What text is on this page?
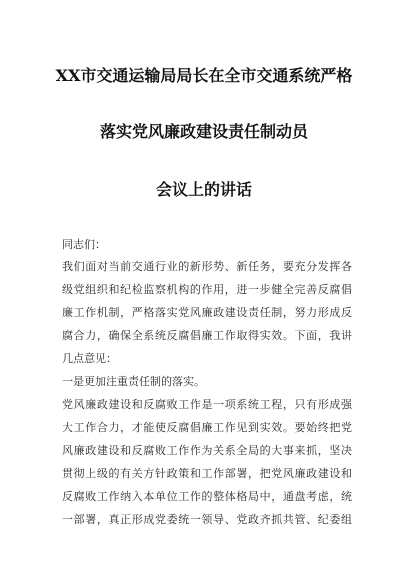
XX市交通运输局局长在全市交通系统严格
落实党风廉政建设责任制动员
会议上的讲话
同志们：
我们面对当前交通行业的新形势、新任务，要充分发挥各
级党组织和纪检监察机构的作用，进一步健全完善反腐倡
廉工作机制，严格落实党风廉政建设责任制，努力形成反
腐合力，确保全系统反腐倡廉工作取得实效。下面，我讲
几点意见：
一是更加注重责任制的落实。
党风廉政建设和反腐败工作是一项系统工程，只有形成强
大工作合力，才能使反腐倡廉工作见到实效。要始终把党
风廉政建设和反腐败工作作为关系全局的大事来抓，坚决
贯彻上级的有关方针政策和工作部署，把党风廉政建设和
反腐败工作纳入本单位工作的整体格局中，通盘考虑，统
一部署，真正形成党委统一领导、党政齐抓共管、纪委组
